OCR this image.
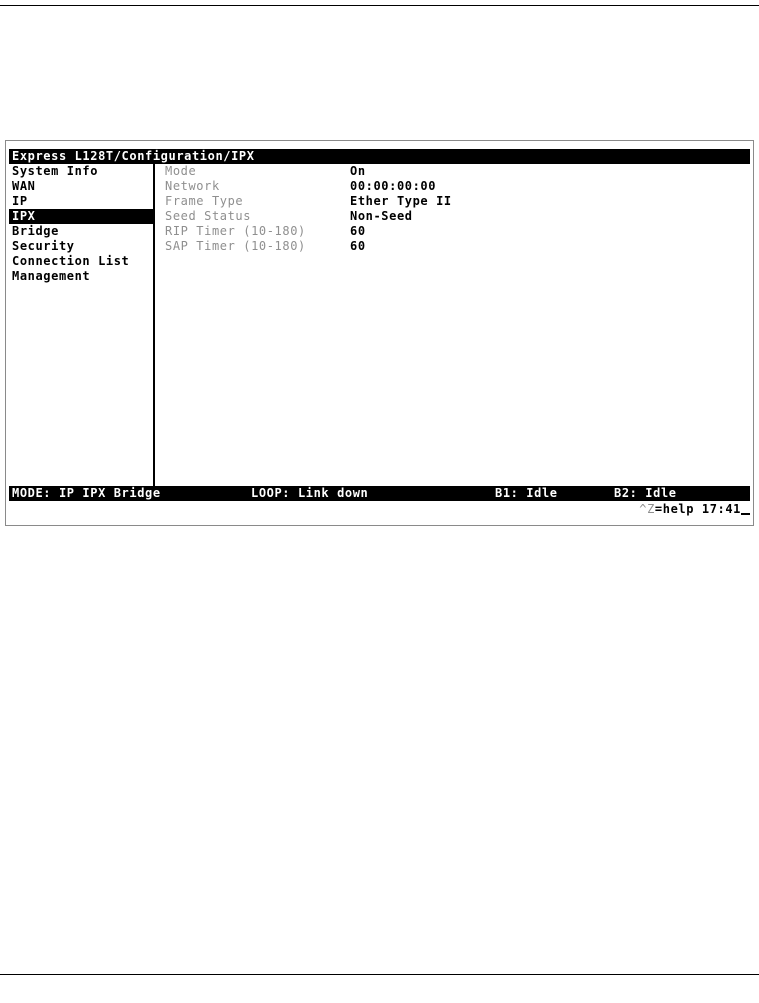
Express L128T/Configuration/IPX
System Info
WAN
IP
IPX
Bridge
Security
Connection List
Management
Mode	On
Network	00:00:00:00
Frame Type	Ether Type II
Seed Status	Non-Seed
RIP Timer (10-180)	60
SAP Timer (10-180)	60
MODE: IP IPX Bridge	LOOP: Link down	B1: Idle	B2: Idle
^Z=help 17:41
